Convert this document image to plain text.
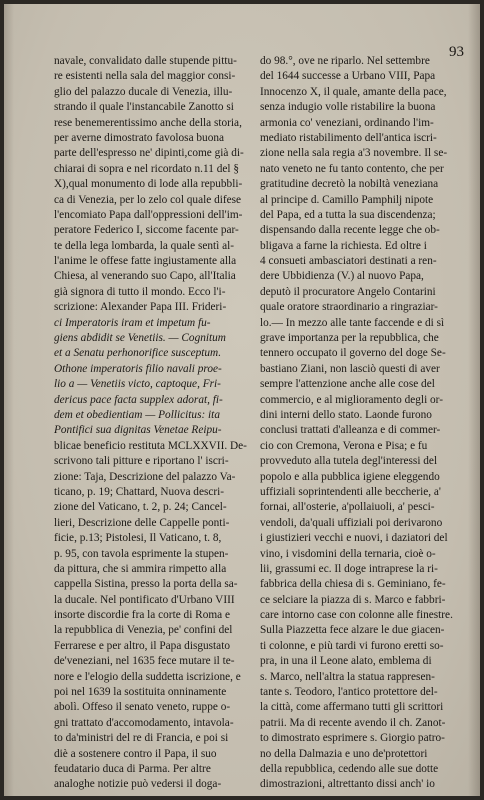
93
navale, convalidato dalle stupende pittu-
re esistenti nella sala del maggior consi-
glio del palazzo ducale di Venezia, illu-
strando il quale l'instancabile Zanotto si
rese benemerentissimo anche della storia,
per averne dimostrato favolosa buona
parte dell'espresso ne' dipinti,come già di-
chiarai di sopra e nel ricordato n.11 del §
X),qual monumento di lode alla repubbli-
ca di Venezia, per lo zelo col quale difese
l'encomiato Papa dall'oppressioni dell'im-
peratore Federico I, siccome facente par-
te della lega lombarda, la quale sentì al-
l'anime le offese fatte ingiustamente alla
Chiesa, al venerando suo Capo, all'Italia
già signora di tutto il mondo. Ecco l'i-
scrizione: Alexander Papa III. Frideri-
ci Imperatoris iram et impetum fu-
giens abdidit se Venetiis. — Cognitum
et a Senatu perhonorifice susceptum.
Othone imperatoris filio navali proe-
lio a — Venetiis victo, captoque, Fri-
dericus pace facta supplex adorat, fi-
dem et obedientiam — Pollicitus: ita
Pontifici sua dignitas Venetae Reipu-
blicae beneficio restituta MCLXXVII. De-
scrivono tali pitture e riportano l' iscri-
zione: Taja, Descrizione del palazzo Va-
ticano, p. 19; Chattard, Nuova descri-
zione del Vaticano, t. 2, p. 24; Cancel-
lieri, Descrizione delle Cappelle ponti-
ficie, p.13; Pistolesi, Il Vaticano, t. 8,
p. 95, con tavola esprimente la stupen-
da pittura, che si ammira rimpetto alla
cappella Sistina, presso la porta della sa-
la ducale. Nel pontificato d'Urbano VIII
insorte discordie fra la corte di Roma e
la repubblica di Venezia, pe' confini del
Ferrarese e per altro, il Papa disgustato
de'veneziani, nel 1635 fece mutare il te-
nore e l'elogio della suddetta iscrizione, e
poi nel 1639 la sostituita onninamente
abolì. Offeso il senato veneto, ruppe o-
gni trattato d'accomodamento, intavola-
to da'ministri del re di Francia, e poi si
diè a sostenere contro il Papa, il suo
feudatario duca di Parma. Per altre
analoghe notizie può vedersi il doga-
do 98.°, ove ne riparlo. Nel settembre
del 1644 successe a Urbano VIII, Papa
Innocenzo X, il quale, amante della pace,
senza indugio volle ristabilire la buona
armonia co' veneziani, ordinando l'im-
mediato ristabilimento dell'antica iscri-
zione nella sala regia a'3 novembre. Il se-
nato veneto ne fu tanto contento, che per
gratitudine decretò la nobiltà veneziana
al principe d. Camillo Pamphilj nipote
del Papa, ed a tutta la sua discendenza;
dispensando dalla recente legge che ob-
bligava a farne la richiesta. Ed oltre i
4 consueti ambasciatori destinati a ren-
dere Ubbidienza (V.) al nuovo Papa,
deputò il procuratore Angelo Contarini
quale oratore straordinario a ringraziar-
lo.— In mezzo alle tante faccende e di sì
grave importanza per la repubblica, che
tennero occupato il governo del doge Se-
bastiano Ziani, non lasciò questi di aver
sempre l'attenzione anche alle cose del
commercio, e al miglioramento degli or-
dini interni dello stato. Laonde furono
conclusi trattati d'alleanza e di commer-
cio con Cremona, Verona e Pisa; e fu
provveduto alla tutela degl'interessi del
popolo e alla pubblica igiene eleggendo
uffiziali soprintendenti alle beccherie, a'
fornai, all'osterie, a'pollaiuoli, a' pesci-
vendoli, da'quali uffiziali poi derivarono
i giustizieri vecchi e nuovi, i daziatori del
vino, i visdomini della ternaria, cioè o-
lii, grassumi ec. Il doge intraprese la ri-
fabbrica della chiesa di s. Geminiano, fe-
ce selciare la piazza di s. Marco e fabbri-
care intorno case con colonne alle finestre.
Sulla Piazzetta fece alzare le due giacen-
ti colonne, e più tardi vi furono eretti so-
pra, in una il Leone alato, emblema di
s. Marco, nell'altra la statua rappresen-
tante s. Teodoro, l'antico protettore del-
la città, come affermano tutti gli scrittori
patrii. Ma di recente avendo il ch. Zanot-
to dimostrato esprimere s. Giorgio patro-
no della Dalmazia e uno de'protettori
della repubblica, cedendo alle sue dotte
dimostrazioni, altrettanto dissi anch' io
